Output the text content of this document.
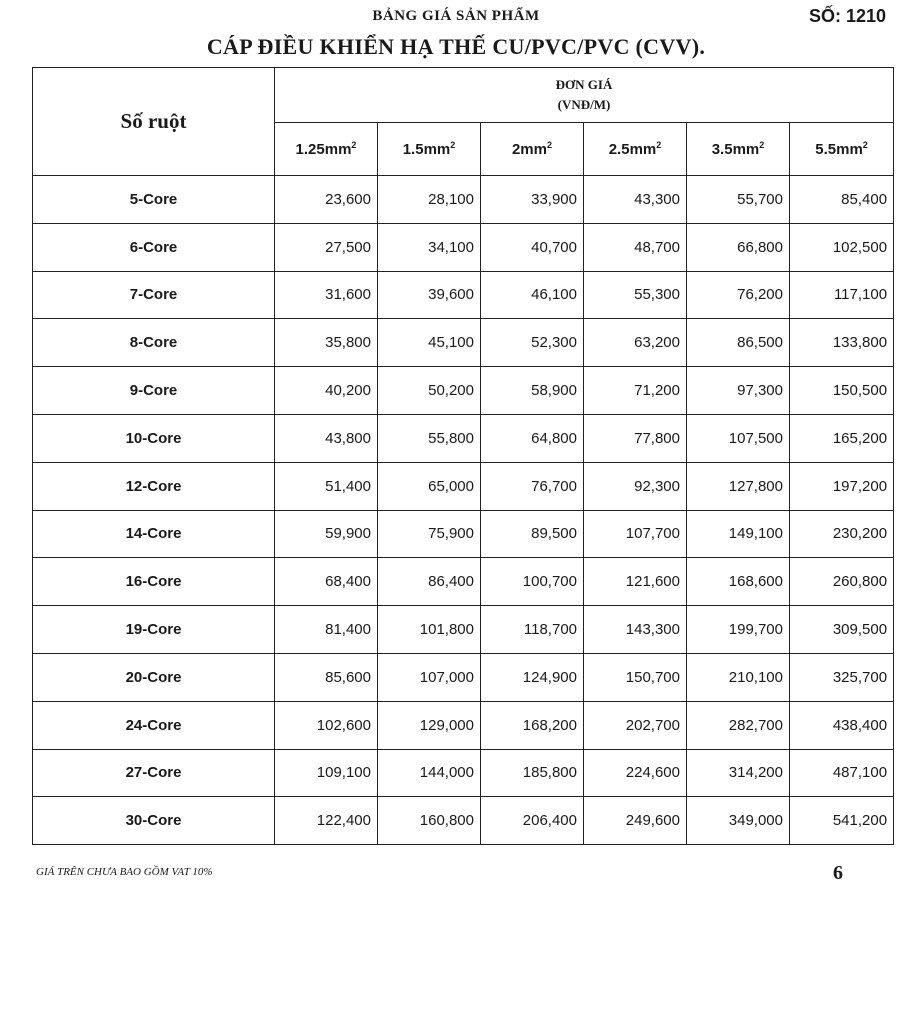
BẢNG GIÁ SẢN PHẨM	SỐ: 1210
CÁP ĐIỀU KHIỂN HẠ THẾ CU/PVC/PVC (CVV).
Số ruột	ĐƠN GIÁ
(VNĐ/M)					

	$1.25mm^2$	$1.5mm^2$	$2mm^2$	$2.5mm^2$	$3.5mm^2$	$5.5mm^2$
5-Core	23,600	28,100	33,900	43,300	55,700	85,400
6-Core	27,500	34,100	40,700	48,700	66,800	102,500
7-Core	31,600	39,600	46,100	55,300	76,200	117,100
8-Core	35,800	45,100	52,300	63,200	86,500	133,800
9-Core	40,200	50,200	58,900	71,200	97,300	150,500
10-Core	43,800	55,800	64,800	77,800	107,500	165,200
12-Core	51,400	65,000	76,700	92,300	127,800	197,200
14-Core	59,900	75,900	89,500	107,700	149,100	230,200
16-Core	68,400	86,400	100,700	121,600	168,600	260,800
19-Core	81,400	101,800	118,700	143,300	199,700	309,500
20-Core	85,600	107,000	124,900	150,700	210,100	325,700
24-Core	102,600	129,000	168,200	202,700	282,700	438,400
27-Core	109,100	144,000	185,800	224,600	314,200	487,100
30-Core	122,400	160,800	206,400	249,600	349,000	541,200
GIÁ TRÊN CHƯA BAO GỒM VAT 10%	6
